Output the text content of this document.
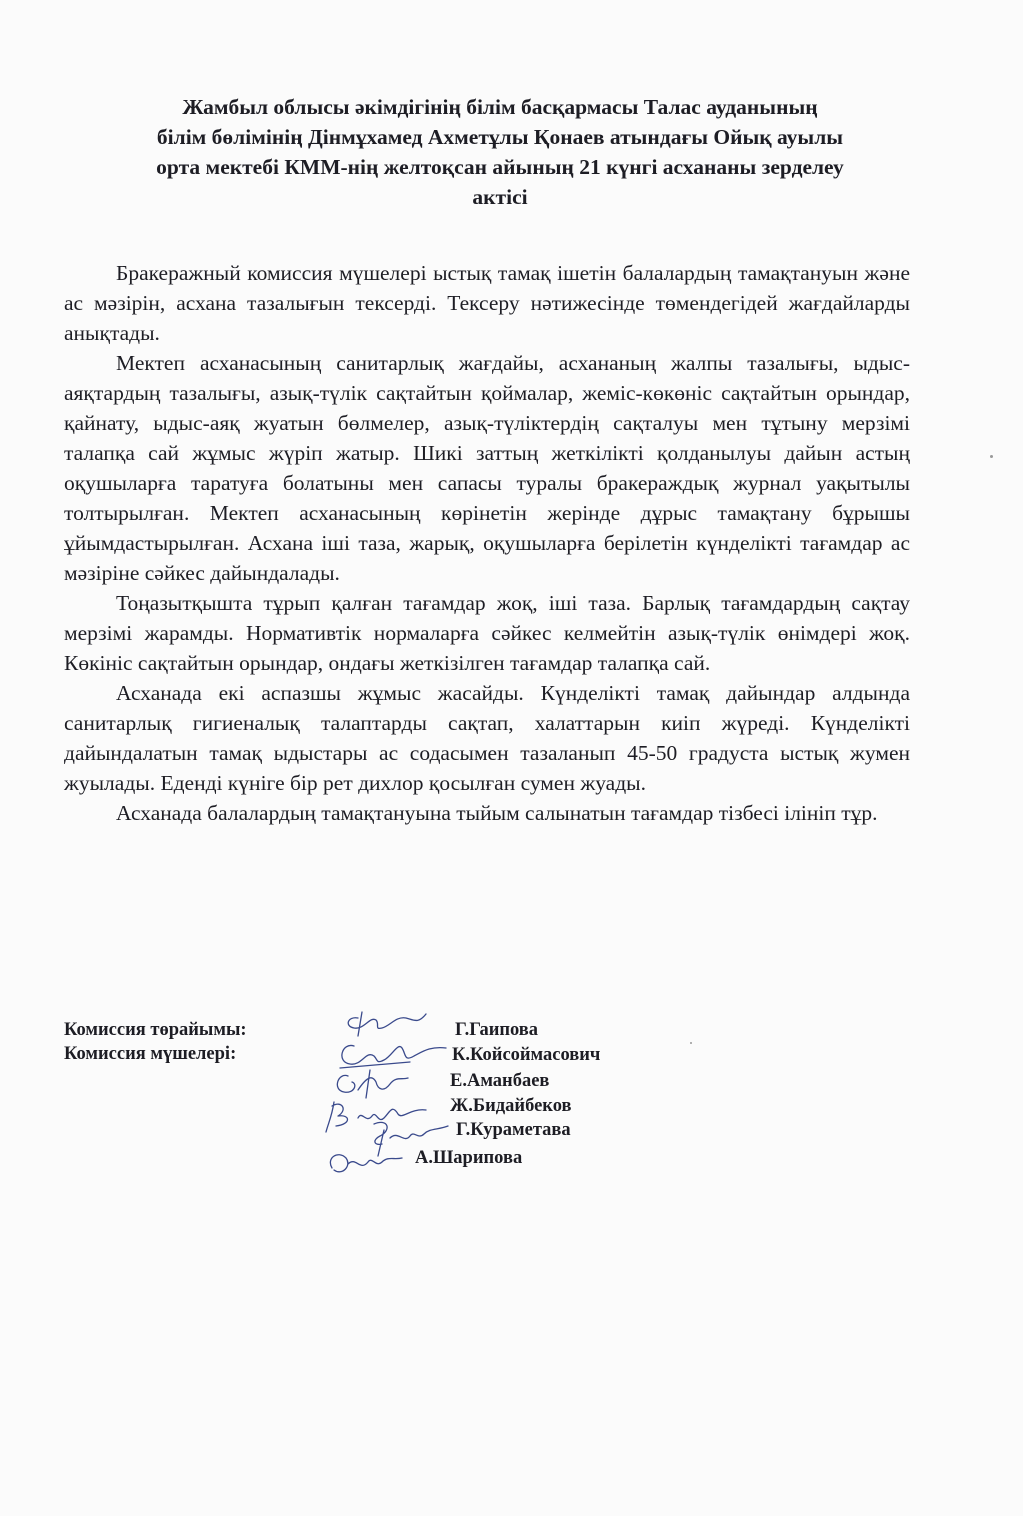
Жамбыл облысы әкімдігінің білім басқармасы Талас ауданының
білім бөлімінің Дінмұхамед Ахметұлы Қонаев атындағы Ойық ауылы
орта мектебі КММ-нің желтоқсан айының 21 күнгі асхананы зерделеу
актісі

Бракеражный комиссия мүшелері ыстық тамақ ішетін балалардың тамақтануын және ас мәзірін, асхана тазалығын тексерді. Тексеру нәтижесінде төмендегідей жағдайларды анықтады.

Мектеп асханасының санитарлық жағдайы, асхананың жалпы тазалығы, ыдыс-аяқтардың тазалығы, азық-түлік сақтайтын қоймалар, жеміс-көкөніс сақтайтын орындар, қайнату, ыдыс-аяқ жуатын бөлмелер, азық-түліктердің сақталуы мен тұтыну мерзімі талапқа сай жұмыс жүріп жатыр. Шикі заттың жеткілікті қолданылуы дайын астың оқушыларға таратуға болатыны мен сапасы туралы бракераждық журнал уақытылы толтырылған. Мектеп асханасының көрінетін жерінде дұрыс тамақтану бұрышы ұйымдастырылған. Асхана іші таза, жарық, оқушыларға берілетін күнделікті тағамдар ас мәзіріне сәйкес дайындалады.

Тоңазытқышта тұрып қалған тағамдар жоқ, іші таза. Барлық тағамдардың сақтау мерзімі жарамды. Нормативтік нормаларға сәйкес келмейтін азық-түлік өнімдері жоқ. Көкініс сақтайтын орындар, ондағы жеткізілген тағамдар талапқа сай.

Асханада екі аспазшы жұмыс жасайды. Күнделікті тамақ дайындар алдында санитарлық гигиеналық талаптарды сақтап, халаттарын киіп жүреді. Күнделікті дайындалатын тамақ ыдыстары ас содасымен тазаланып 45-50 градуста ыстық жумен жуылады. Еденді күніге бір рет дихлор қосылған сумен жуады.

Асханада балалардың тамақтануына тыйым салынатын тағамдар тізбесі ілініп тұр.

Комиссия төрайымы:
Комиссия мүшелері:
Г.Гаипова
К.Койсоймасович
Е.Аманбаев
Ж.Бидайбеков
Г.Кураметава
А.Шарипова
